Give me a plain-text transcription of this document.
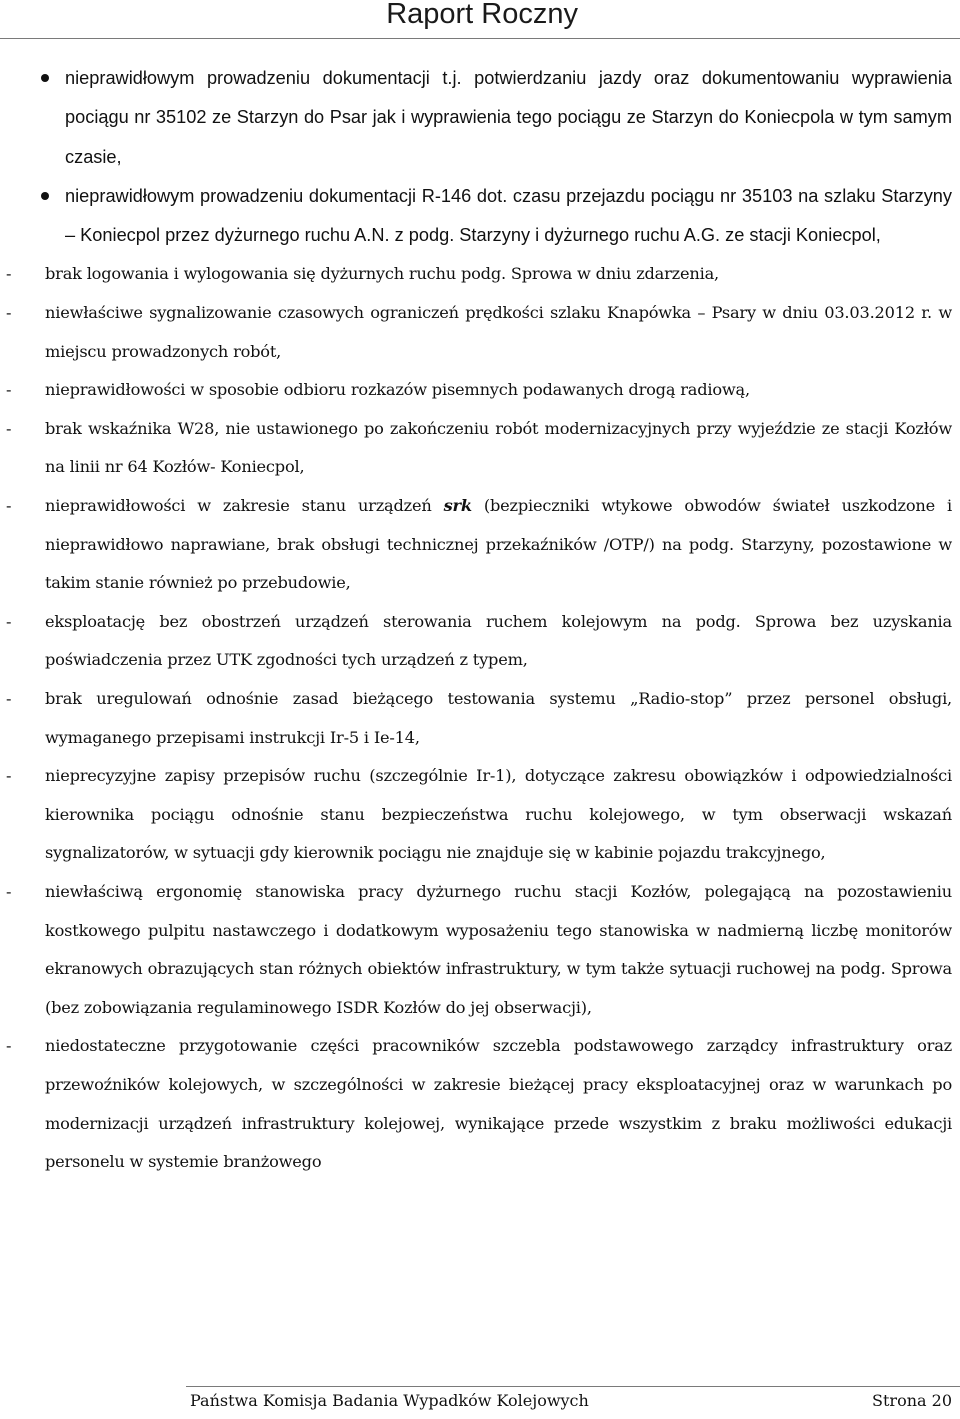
Raport Roczny
nieprawidłowym prowadzeniu dokumentacji t.j. potwierdzaniu jazdy oraz dokumentowaniu wyprawienia pociągu nr 35102 ze Starzyn do Psar jak i wyprawienia tego pociągu ze Starzyn do Koniecpola w tym samym czasie,
nieprawidłowym prowadzeniu dokumentacji R-146 dot. czasu przejazdu pociągu nr 35103 na szlaku Starzyny – Koniecpol przez dyżurnego ruchu A.N. z podg. Starzyny i dyżurnego ruchu A.G. ze stacji Koniecpol,
- brak logowania i wylogowania się dyżurnych ruchu podg. Sprowa w dniu zdarzenia,
- niewłaściwe sygnalizowanie czasowych ograniczeń prędkości szlaku Knapówka – Psary w dniu 03.03.2012 r. w miejscu prowadzonych robót,
- nieprawidłowości w sposobie odbioru rozkazów pisemnych podawanych drogą radiową,
- brak wskaźnika W28, nie ustawionego po zakończeniu robót modernizacyjnych przy wyjeździe ze stacji Kozłów na linii nr 64 Kozłów- Koniecpol,
- nieprawidłowości w zakresie stanu urządzeń srk (bezpieczniki wtykowe obwodów świateł uszkodzone i nieprawidłowo naprawiane, brak obsługi technicznej przekaźników /OTP/) na podg. Starzyny, pozostawione w takim stanie również po przebudowie,
- eksploatację bez obostrzeń urządzeń sterowania ruchem kolejowym na podg. Sprowa bez uzyskania poświadczenia przez UTK zgodności tych urządzeń z typem,
- brak uregulowań odnośnie zasad bieżącego testowania systemu „Radio-stop” przez personel obsługi, wymaganego przepisami instrukcji Ir-5 i Ie-14,
- nieprecyzyjne zapisy przepisów ruchu (szczególnie Ir-1), dotyczące zakresu obowiązków i odpowiedzialności kierownika pociągu odnośnie stanu bezpieczeństwa ruchu kolejowego, w tym obserwacji wskazań sygnalizatorów, w sytuacji gdy kierownik pociągu nie znajduje się w kabinie pojazdu trakcyjnego,
- niewłaściwą ergonomię stanowiska pracy dyżurnego ruchu stacji Kozłów, polegającą na pozostawieniu kostkowego pulpitu nastawczego i dodatkowym wyposażeniu tego stanowiska w nadmierną liczbę monitorów ekranowych obrazujących stan różnych obiektów infrastruktury, w tym także sytuacji ruchowej na podg. Sprowa (bez zobowiązania regulaminowego ISDR Kozłów do jej obserwacji),
- niedostateczne przygotowanie części pracowników szczebla podstawowego zarządcy infrastruktury oraz przewoźników kolejowych, w szczególności w zakresie bieżącej pracy eksploatacyjnej oraz w warunkach po modernizacji urządzeń infrastruktury kolejowej, wynikające przede wszystkim z braku możliwości edukacji personelu w systemie branżowego
Państwa Komisja Badania Wypadków Kolejowych	Strona 20
